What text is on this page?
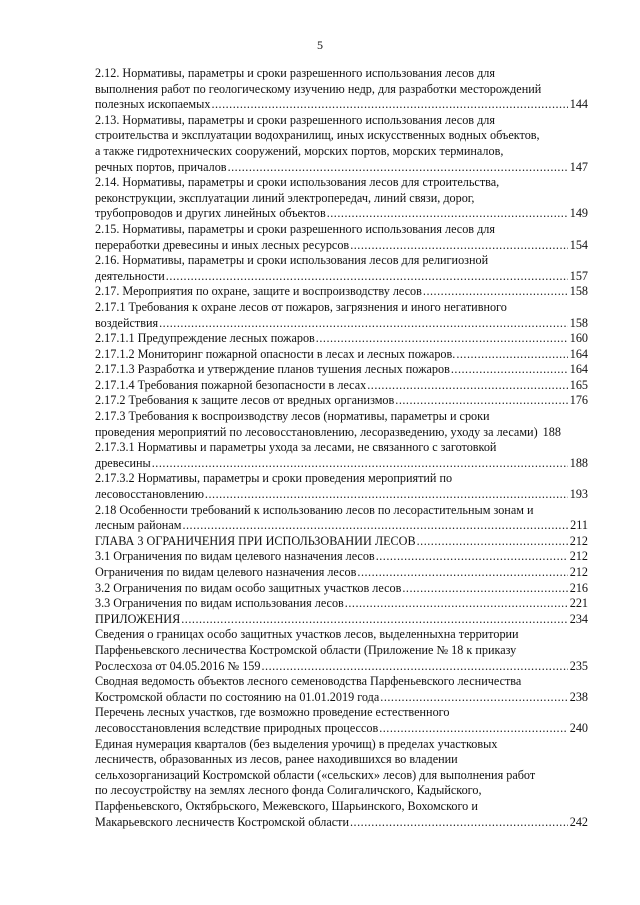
5
2.12. Нормативы, параметры и сроки разрешенного использования лесов для
выполнения работ по геологическому изучению недр, для разработки месторождений
полезных ископаемых .....	144
2.13. Нормативы, параметры и сроки разрешенного использования лесов для
строительства и эксплуатации водохранилищ, иных искусственных водных объектов,
а также гидротехнических сооружений, морских портов, морских терминалов,
речных портов, причалов .....	147
2.14. Нормативы, параметры и сроки использования лесов для строительства,
реконструкции, эксплуатации линий электропередач, линий связи, дорог,
трубопроводов и других линейных объектов .....	149
2.15. Нормативы, параметры и сроки разрешенного использования лесов для
переработки древесины и иных лесных ресурсов .....	154
2.16. Нормативы, параметры и сроки использования лесов для религиозной
деятельности .....	157
2.17. Мероприятия по охране, защите и воспроизводству лесов .....	158
2.17.1 Требования к охране лесов от пожаров, загрязнения и иного негативного
воздействия .....	158
2.17.1.1 Предупреждение лесных пожаров .....	160
2.17.1.2 Мониторинг пожарной опасности в лесах и лесных пожаров. .....	164
2.17.1.3 Разработка и утверждение планов тушения лесных пожаров .....	164
2.17.1.4 Требования пожарной безопасности в лесах .....	165
2.17.2 Требования к защите лесов от вредных организмов .....	176
2.17.3 Требования к воспроизводству лесов (нормативы, параметры и сроки
проведения мероприятий по лесовосстановлению, лесоразведению, уходу за лесами) 188
2.17.3.1 Нормативы и параметры ухода за лесами, не связанного с заготовкой
древесины .....	188
2.17.3.2 Нормативы, параметры и сроки проведения мероприятий по
лесовосстановлению .....	193
2.18 Особенности требований к использованию лесов по лесорастительным зонам и
лесным районам .....	211
ГЛАВА 3 ОГРАНИЧЕНИЯ ПРИ ИСПОЛЬЗОВАНИИ ЛЕСОВ .....	212
3.1 Ограничения по видам целевого назначения лесов .....	212
Ограничения по видам целевого назначения лесов .....	212
3.2 Ограничения по видам особо защитных участков лесов .....	216
3.3 Ограничения по видам использования лесов .....	221
ПРИЛОЖЕНИЯ .....	234
Сведения о границах особо защитных участков лесов, выделенныхна территории
Парфеньевского лесничества Костромской области (Приложение № 18 к приказу
Рослесхоза от 04.05.2016 № 159 .....	235
Сводная ведомость объектов лесного семеноводства Парфеньевского лесничества
Костромской области по состоянию на 01.01.2019 года .....	238
Перечень лесных участков, где возможно проведение естественного
лесовосстановления вследствие природных процессов .....	240
Единая нумерация кварталов (без выделения урочищ) в пределах участковых
лесничеств, образованных из лесов, ранее находившихся во владении
сельхозорганизаций Костромской области («сельских» лесов) для выполнения работ
по лесоустройству на землях лесного фонда Солигаличского, Кадыйского,
Парфеньевского, Октябрьского, Межевского, Шарьинского, Вохомского и
Макарьевского лесничеств Костромской области .....	242
